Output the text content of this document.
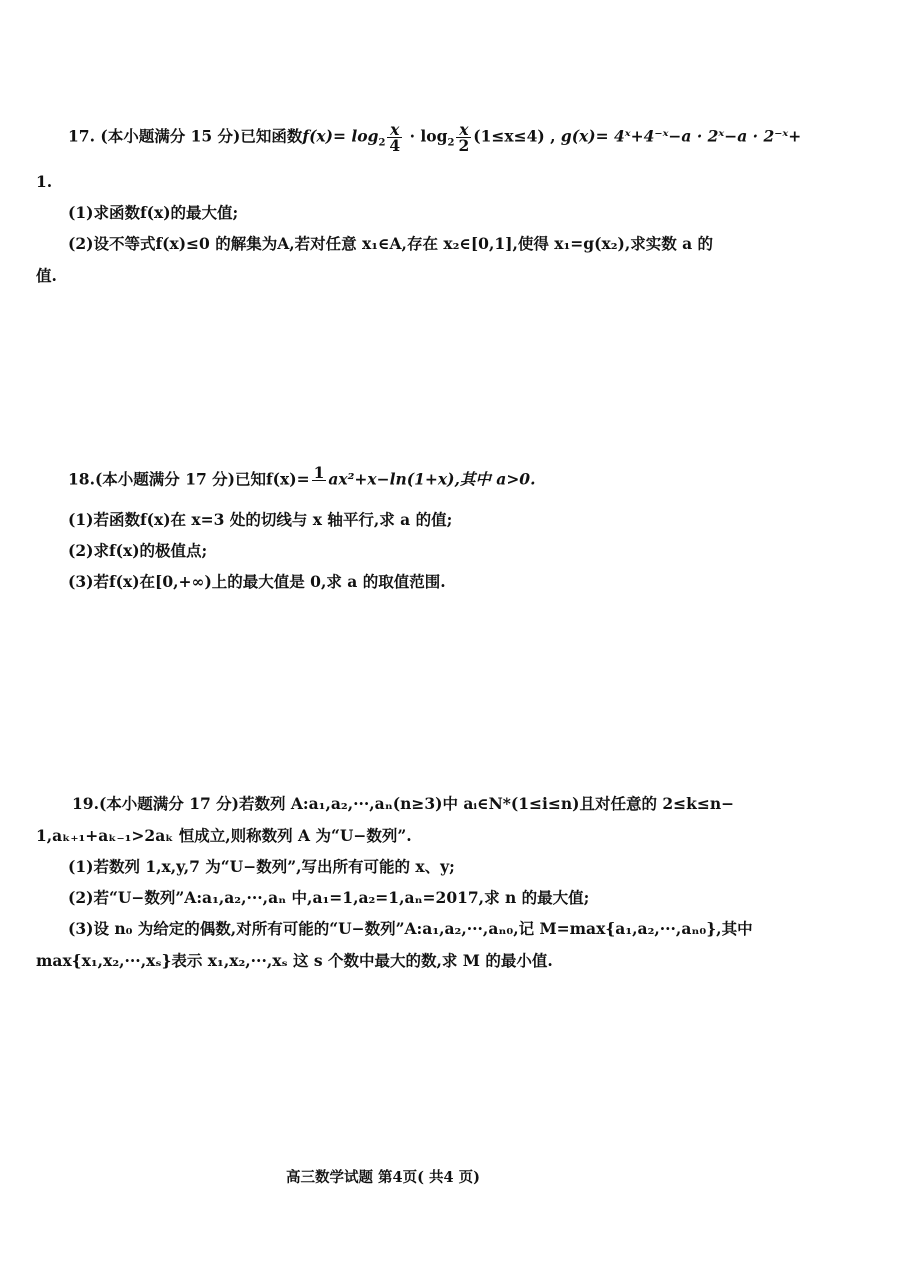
17. (本小题满分 15 分)已知函数$f(x)= \log_2 \frac{x}{4} \cdot \log_2 \frac{x}{2} (1\le x\le 4)$ , g(x)= 4ˣ+4⁻ˣ−a · 2ˣ−a · 2⁻ˣ+
1.
(1)求函数f(x)的最大值;
(2)设不等式f(x)≤0 的解集为A,若对任意 x₁∈A,存在 x₂∈[0,1],使得 x₁=g(x₂),求实数 a 的
值.
18.(本小题满分 17 分)已知f(x)= 1
ax²+x−ln(1+x),其中 a>0.
(1)若函数f(x)在 x=3 处的切线与 x 轴平行,求 a 的值;
(2)求f(x)的极值点;
(3)若f(x)在[0,+∞)上的最大值是 0,求 a 的取值范围.
19.(本小题满分 17 分)若数列 A:a₁,a₂,···,aₙ(n≥3)中 aᵢ∈N*(1≤i≤n)且对任意的 2≤k≤n−
1,aₖ₊₁+aₖ₋₁>2aₖ 恒成立,则称数列 A 为“U−数列”.
(1)若数列 1,x,y,7 为“U−数列”,写出所有可能的 x、y;
(2)若“U−数列”A:a₁,a₂,···,aₙ 中,a₁=1,a₂=1,aₙ=2017,求 n 的最大值;
(3)设 n₀ 为给定的偶数,对所有可能的“U−数列”A:a₁,a₂,···,aₙ₀,记 M=max{a₁,a₂,···,aₙ₀},其中
max{x₁,x₂,···,xₛ}表示 x₁,x₂,···,xₛ 这 s 个数中最大的数,求 M 的最小值.
高三数学试题 第4页( 共4 页)
